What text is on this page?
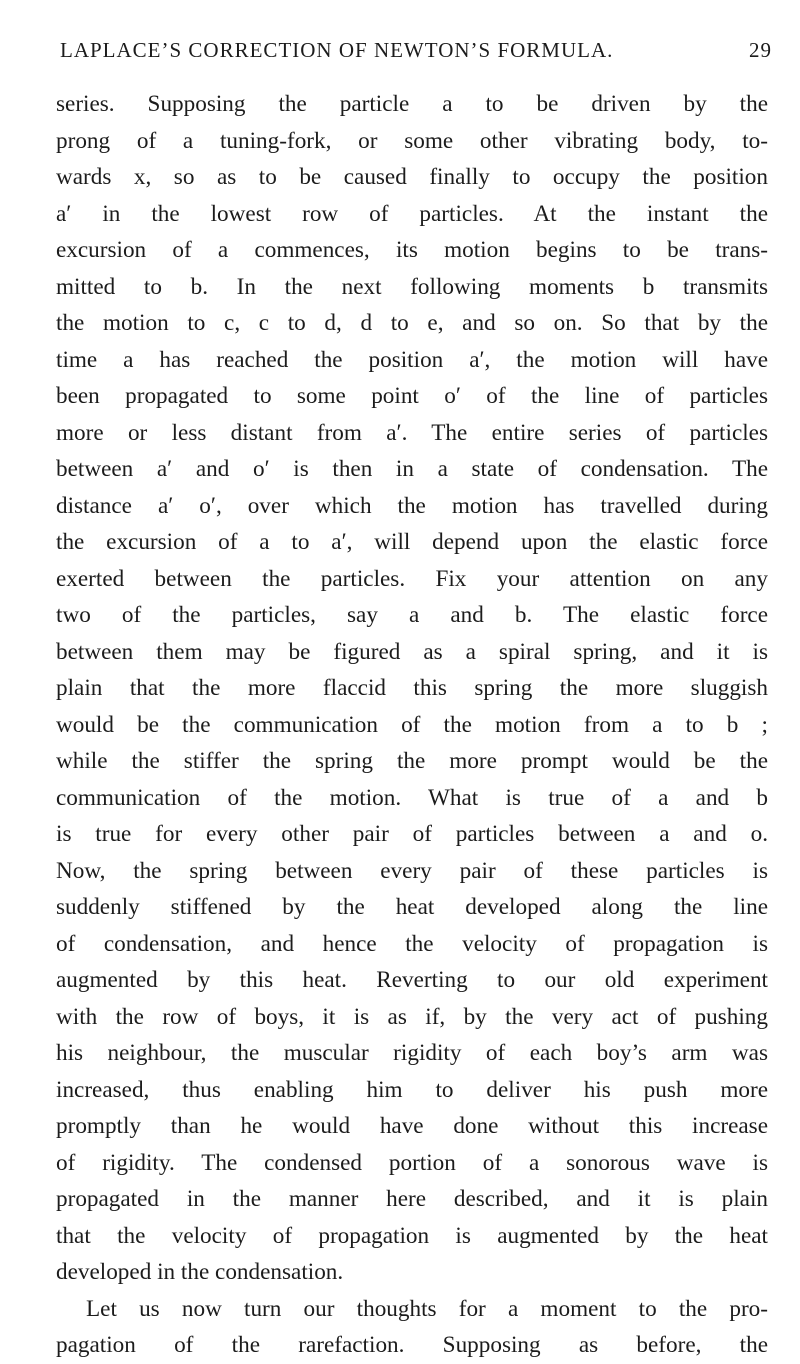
LAPLACE’S CORRECTION OF NEWTON’S FORMULA.	29
series. Supposing the particle a to be driven by the
prong of a tuning-fork, or some other vibrating body, to-
wards x, so as to be caused finally to occupy the position
a′ in the lowest row of particles. At the instant the
excursion of a commences, its motion begins to be trans-
mitted to b. In the next following moments b transmits
the motion to c, c to d, d to e, and so on. So that by the
time a has reached the position a′, the motion will have
been propagated to some point o′ of the line of particles
more or less distant from a′. The entire series of particles
between a′ and o′ is then in a state of condensation. The
distance a′ o′, over which the motion has travelled during
the excursion of a to a′, will depend upon the elastic force
exerted between the particles. Fix your attention on any
two of the particles, say a and b. The elastic force
between them may be figured as a spiral spring, and it is
plain that the more flaccid this spring the more sluggish
would be the communication of the motion from a to b ;
while the stiffer the spring the more prompt would be the
communication of the motion. What is true of a and b
is true for every other pair of particles between a and o.
Now, the spring between every pair of these particles is
suddenly stiffened by the heat developed along the line
of condensation, and hence the velocity of propagation is
augmented by this heat. Reverting to our old experiment
with the row of boys, it is as if, by the very act of pushing
his neighbour, the muscular rigidity of each boy’s arm was
increased, thus enabling him to deliver his push more
promptly than he would have done without this increase
of rigidity. The condensed portion of a sonorous wave is
propagated in the manner here described, and it is plain
that the velocity of propagation is augmented by the heat
developed in the condensation.
Let us now turn our thoughts for a moment to the pro-
pagation of the rarefaction. Supposing as before, the
